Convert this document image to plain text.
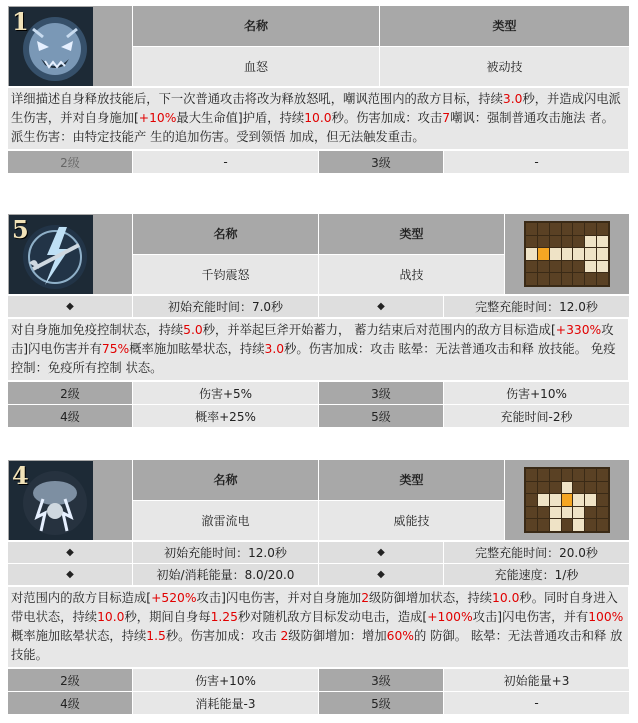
1	名称	类型
	血怒	被动技
详细描述自身释放技能后，下一次普通攻击将改为释放怒吼，嘲讽范围内的敌方目标，持续3.0秒，并造成闪电派生伤害，并对自身施加[+10%最大生命值]护盾，持续10.0秒。伤害加成：攻击7嘲讽：强制普通攻击施法 者。 派生伤害：由特定技能产 生的追加伤害。受到领悟 加成，但无法触发重击。
2级	-	3级	-
5	名称	类型	

	千钧震怒	战技	
◆	初始充能时间：7.0秒	◆	完整充能时间：12.0秒
对自身施加免疫控制状态，持续5.0秒，并举起巨斧开始蓄力， 蓄力结束后对范围内的敌方目标造成[+330%攻击]闪电伤害并有75%概率施加眩晕状态，持续3.0秒。伤害加成：攻击 眩晕：无法普通攻击和释 放技能。 免疫控制：免疫所有控制 状态。
2级	伤害+5%	3级	伤害+10%
4级	概率+25%	5级	充能时间-2秒
4	名称	类型	

	澈雷流电	威能技	
◆	初始充能时间：12.0秒	◆	完整充能时间：20.0秒
◆	初始/消耗能量：8.0/20.0	◆	充能速度：1/秒
对范围内的敌方目标造成[+520%攻击]闪电伤害，并对自身施加2级防御增加状态，持续10.0秒。同时自身进入带电状态，持续10.0秒，期间自身每1.25秒对随机敌方目标发动电击，造成[+100%攻击]闪电伤害，并有100%概率施加眩晕状态，持续1.5秒。伤害加成：攻击 2级防御增加：增加60%的 防御。 眩晕：无法普通攻击和释 放技能。
2级	伤害+10%	3级	初始能量+3
4级	消耗能量-3	5级	-
